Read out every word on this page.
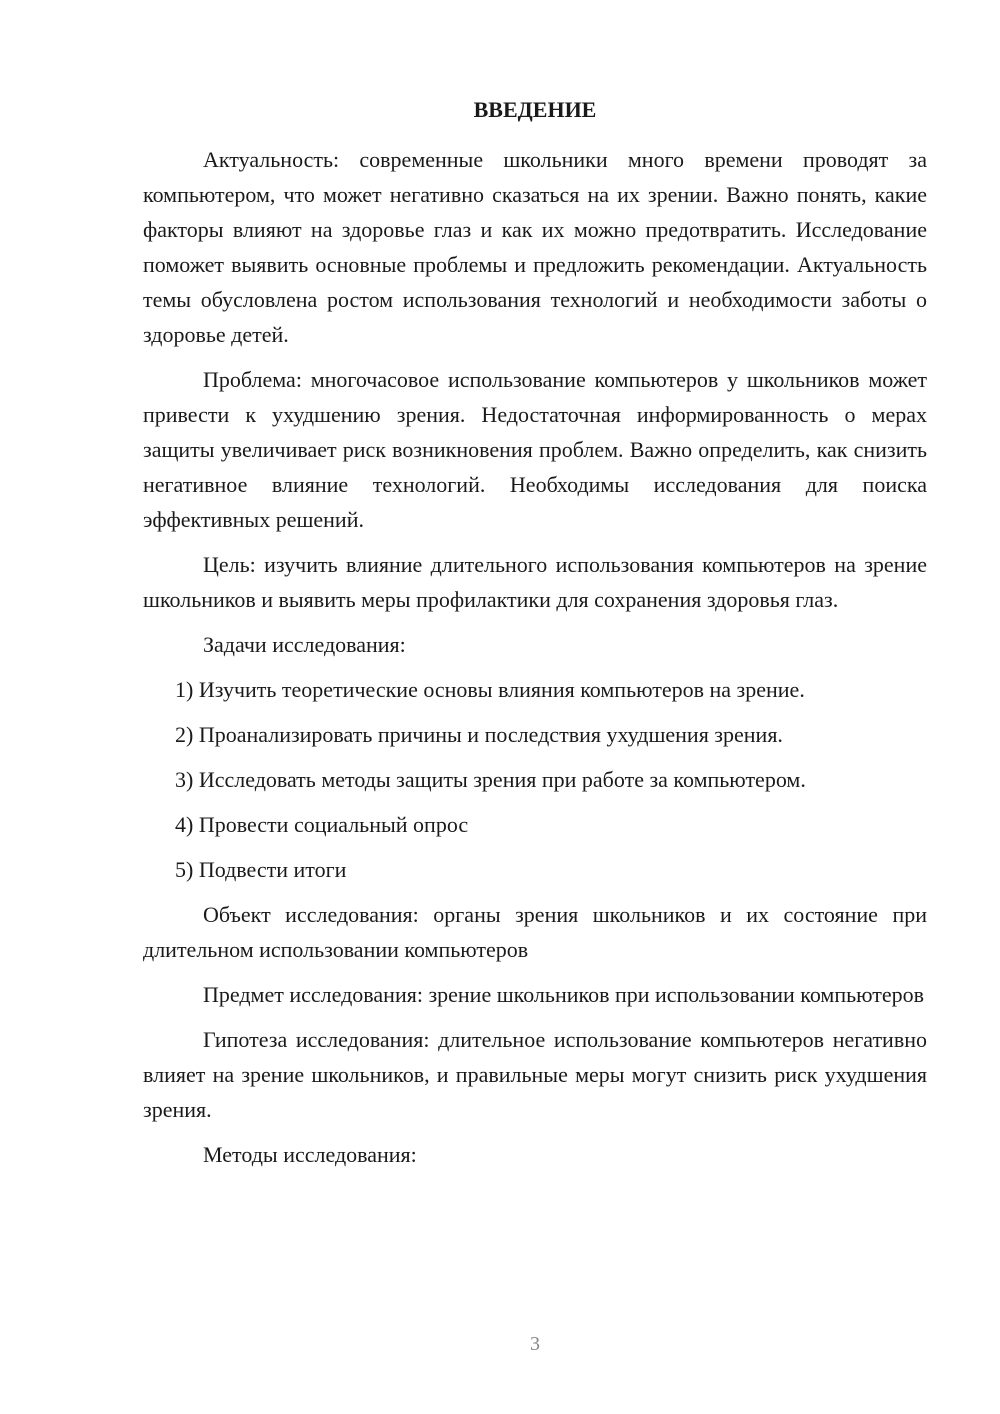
ВВЕДЕНИЕ

Актуальность: современные школьники много времени проводят за компьютером, что может негативно сказаться на их зрении. Важно понять, какие факторы влияют на здоровье глаз и как их можно предотвратить. Исследование поможет выявить основные проблемы и предложить рекомендации. Актуальность темы обусловлена ростом использования технологий и необходимости заботы о здоровье детей.

Проблема: многочасовое использование компьютеров у школьников может привести к ухудшению зрения. Недостаточная информированность о мерах защиты увеличивает риск возникновения проблем. Важно определить, как снизить негативное влияние технологий. Необходимы исследования для поиска эффективных решений.

Цель: изучить влияние длительного использования компьютеров на зрение школьников и выявить меры профилактики для сохранения здоровья глаз.

Задачи исследования:

1) Изучить теоретические основы влияния компьютеров на зрение.

2) Проанализировать причины и последствия ухудшения зрения.

3) Исследовать методы защиты зрения при работе за компьютером.

4) Провести социальный опрос

5) Подвести итоги

Объект исследования: органы зрения школьников и их состояние при длительном использовании компьютеров

Предмет исследования: зрение школьников при использовании компьютеров

Гипотеза исследования: длительное использование компьютеров негативно влияет на зрение школьников, и правильные меры могут снизить риск ухудшения зрения.

Методы исследования:

3
